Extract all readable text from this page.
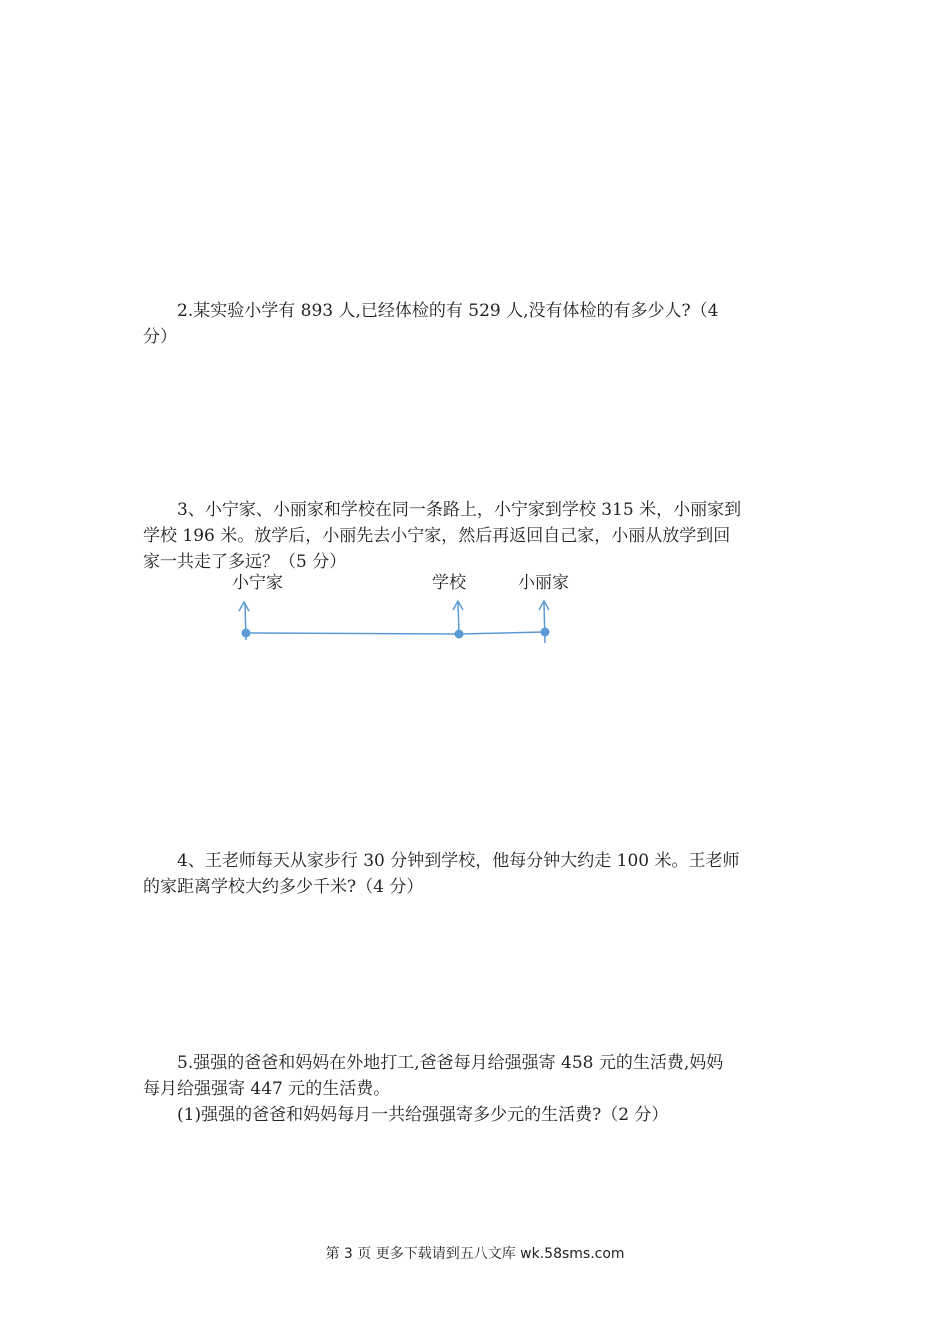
2.某实验小学有 893 人,已经体检的有 529 人,没有体检的有多少人?（4

分）

3、小宁家、小丽家和学校在同一条路上，小宁家到学校 315 米，小丽家到

学校 196 米。放学后，小丽先去小宁家，然后再返回自己家，小丽从放学到回

家一共走了多远？（5 分）

小宁家	学校	小丽家

4、王老师每天从家步行 30 分钟到学校，他每分钟大约走 100 米。王老师

的家距离学校大约多少千米?（4 分）

5.强强的爸爸和妈妈在外地打工,爸爸每月给强强寄 458 元的生活费,妈妈

每月给强强寄 447 元的生活费。

(1)强强的爸爸和妈妈每月一共给强强寄多少元的生活费?（2 分）

第 3 页 更多下载请到五八文库 wk.58sms.com
